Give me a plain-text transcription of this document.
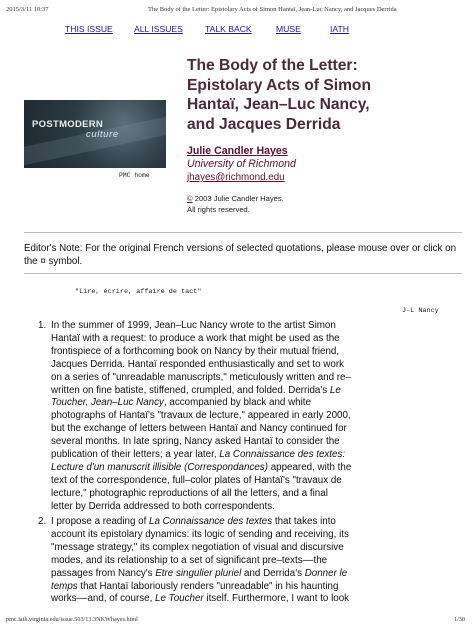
2015/3/11 10:37	The Body of the Letter: Epistolary Acts of Simon Hantaï, Jean-Luc Nancy, and Jacques Derrida
THIS ISSUE ALL ISSUES	TALK BACK	MUSE	IATH
POSTMODERN
culture
PMC home
The Body of the Letter:
Epistolary Acts of Simon
Hantaï, Jean–Luc Nancy,
and Jacques Derrida
Julie Candler Hayes
University of Richmond
jhayes@richmond.edu
© 2003 Julie Candler Hayes.
All rights reserved.
Editor's Note: For the original French versions of selected quotations, please mouse over or click on the ¤ symbol.
"Lire, écrire, affaire de tact"
J-L Nancy
1. In the summer of 1999, Jean–Luc Nancy wrote to the artist Simon
Hantaï with a request: to produce a work that might be used as the
frontispiece of a forthcoming book on Nancy by their mutual friend,
Jacques Derrida. Hantaï responded enthusiastically and set to work
on a series of "unreadable manuscripts," meticulously written and re–
written on fine batiste, stiffened, crumpled, and folded. Derrida's Le
Toucher, Jean–Luc Nancy, accompanied by black and white
photographs of Hantaï's "travaux de lecture," appeared in early 2000,
but the exchange of letters between Hantaï and Nancy continued for
several months. In late spring, Nancy asked Hantaï to consider the
publication of their letters; a year later, La Connaissance des textes:
Lecture d'un manuscrit illisible (Correspondances) appeared, with the
text of the correspondence, full–color plates of Hantaï's "travaux de
lecture," photographic reproductions of all the letters, and a final
letter by Derrida addressed to both correspondents.
2. I propose a reading of La Connaissance des textes that takes into
account its epistolary dynamics: its logic of sending and receiving, its
"message strategy," its complex negotiation of visual and discursive
modes, and its relationship to a set of significant pre–texts––the
passages from Nancy's Etre singulier pluriel and Derrida's Donner le
temps that Hantaï laboriously renders "unreadable" in his haunting
works––and, of course, Le Toucher itself. Furthermore, I want to look
pmc.iath.virginia.edu/issue.503/13.3NKWhayes.html	1/30
